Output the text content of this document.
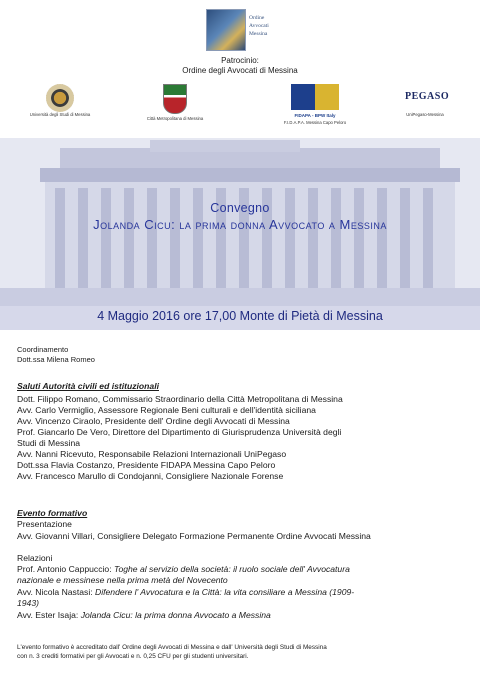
Ordine
Avvocati
Messina
Patrocinio:
Ordine degli Avvocati di Messina
Università degli Studi di Messina
Città Metropolitana di Messina
FIDAPA - BPW Italy
F.I.D.A.P.A. Messina Capo Peloro
PEGASO
UniPegaso-Messina
Convegno
Jolanda Cicu: la prima donna Avvocato a Messina
4 Maggio 2016 ore 17,00 Monte di Pietà di Messina
Coordinamento
Dott.ssa Milena Romeo
Saluti Autorità civili ed istituzionali
Dott. Filippo Romano, Commissario Straordinario della Città Metropolitana di Messina
Avv. Carlo Vermiglio, Assessore Regionale Beni culturali e dell'identità siciliana
Avv. Vincenzo Ciraolo, Presidente dell' Ordine degli Avvocati di Messina
Prof. Giancarlo De Vero, Direttore del Dipartimento di Giurisprudenza Università degli
Studi di Messina
Avv. Nanni Ricevuto, Responsabile Relazioni Internazionali UniPegaso
Dott.ssa Flavia Costanzo, Presidente FIDAPA Messina Capo Peloro
Avv. Francesco Marullo di Condojanni, Consigliere Nazionale Forense
Evento formativo
Presentazione
Avv. Giovanni Villari, Consigliere Delegato Formazione Permanente Ordine Avvocati Messina
Relazioni
Prof. Antonio Cappuccio: Toghe al servizio della società: il ruolo sociale dell' Avvocatura
nazionale e messinese nella prima metà del Novecento
Avv. Nicola Nastasi: Difendere l' Avvocatura e la Città: la vita consiliare a Messina (1909-
1943)
Avv. Ester Isaja: Jolanda Cicu: la prima donna Avvocato a Messina
L'evento formativo è accreditato dall' Ordine degli Avvocati di Messina e dall' Università degli Studi di Messina
con n. 3 crediti formativi per gli Avvocati e n. 0,25 CFU per gli studenti universitari.
